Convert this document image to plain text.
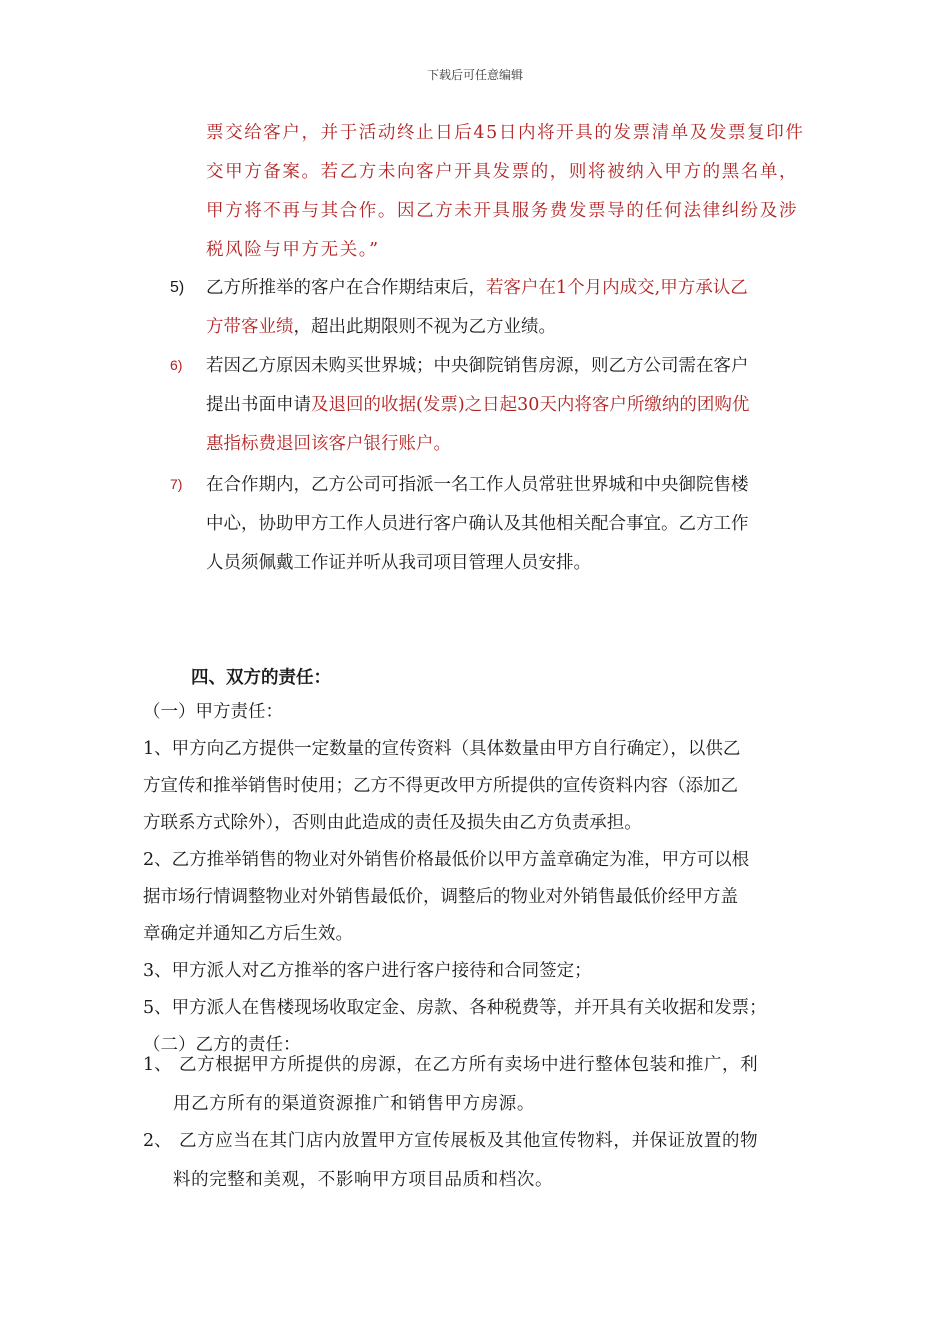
下载后可任意编辑
票交给客户，并于活动终止日后45日内将开具的发票清单及发票复印件
交甲方备案。若乙方未向客户开具发票的，则将被纳入甲方的黑名单，
甲方将不再与其合作。因乙方未开具服务费发票导的任何法律纠纷及涉
税风险与甲方无关。”
5) 乙方所推举的客户在合作期结束后，若客户在1个月内成交,甲方承认乙
方带客业绩，超出此期限则不视为乙方业绩。
6) 若因乙方原因未购买世界城；中央御院销售房源，则乙方公司需在客户
提出书面申请及退回的收据(发票)之日起30天内将客户所缴纳的团购优
惠指标费退回该客户银行账户。
7) 在合作期内，乙方公司可指派一名工作人员常驻世界城和中央御院售楼
中心，协助甲方工作人员进行客户确认及其他相关配合事宜。乙方工作
人员须佩戴工作证并听从我司项目管理人员安排。
四、双方的责任：
（一）甲方责任：
1、甲方向乙方提供一定数量的宣传资料（具体数量由甲方自行确定），以供乙
方宣传和推举销售时使用；乙方不得更改甲方所提供的宣传资料内容（添加乙
方联系方式除外），否则由此造成的责任及损失由乙方负责承担。
2、乙方推举销售的物业对外销售价格最低价以甲方盖章确定为准，甲方可以根
据市场行情调整物业对外销售最低价，调整后的物业对外销售最低价经甲方盖
章确定并通知乙方后生效。
3、甲方派人对乙方推举的客户进行客户接待和合同签定；
5、甲方派人在售楼现场收取定金、房款、各种税费等，并开具有关收据和发票；
（二）乙方的责任：
1、 乙方根据甲方所提供的房源，在乙方所有卖场中进行整体包装和推广，利
用乙方所有的渠道资源推广和销售甲方房源。
2、 乙方应当在其门店内放置甲方宣传展板及其他宣传物料，并保证放置的物
料的完整和美观，不影响甲方项目品质和档次。
